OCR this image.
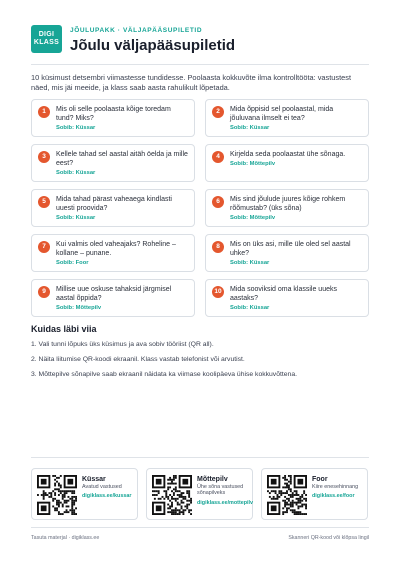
DIGI
KLASS
JÕULUPAKK · VÄLJAPÄÄSUPILETID
Jõulu väljapääsupiletid
10 küsimust detsembri viimastesse tundidesse. Poolaasta kokkuvõte ilma kontrolltööta: vastustest näed, mis jäi meeide, ja klass saab aasta rahulikult lõpetada.
1	Mis oli selle poolaasta kõige toredam tund? Miks?
Sobib: Küssar
2	Mida õppisid sel poolaastal, mida jõuluvana ilmselt ei tea?
Sobib: Küssar
3	Kellele tahad sel aastal aitäh öelda ja mille eest?
Sobib: Küssar
4	Kirjelda seda poolaastat ühe sõnaga.
Sobib: Mõttepilv
5	Mida tahad pärast vaheaega kindlasti uuesti proovida?
Sobib: Küssar
6	Mis sind jõulude juures kõige rohkem rõõmustab? (üks sõna)
Sobib: Mõttepilv
7	Kui valmis oled vaheajaks? Roheline – kollane – punane.
Sobib: Foor
8	Mis on üks asi, mille üle oled sel aastal uhke?
Sobib: Küssar
9	Millise uue oskuse tahaksid järgmisel aastal õppida?
Sobib: Mõttepilv
10	Mida sooviksid oma klassile uueks aastaks?
Sobib: Küssar
Kuidas läbi viia
1. Vali tunni lõpuks üks küsimus ja ava sobiv tööriist (QR all).
2. Näita liitumise QR-koodi ekraanil. Klass vastab telefonist või arvutist.
3. Mõttepilve sõnapilve saab ekraanil näidata ka viimase koolipäeva ühise kokkuvõttena.
Küssar
Avatud vastused
digiklass.ee/kussar
Mõttepilv
Ühe sõna vastused sõnapilveks
digiklass.ee/mottepilv
Foor
Kiire enesehinnang
digiklass.ee/foor
Tasuta materjal · digiklass.ee	Skanneri QR-kood või klõpsa lingil
